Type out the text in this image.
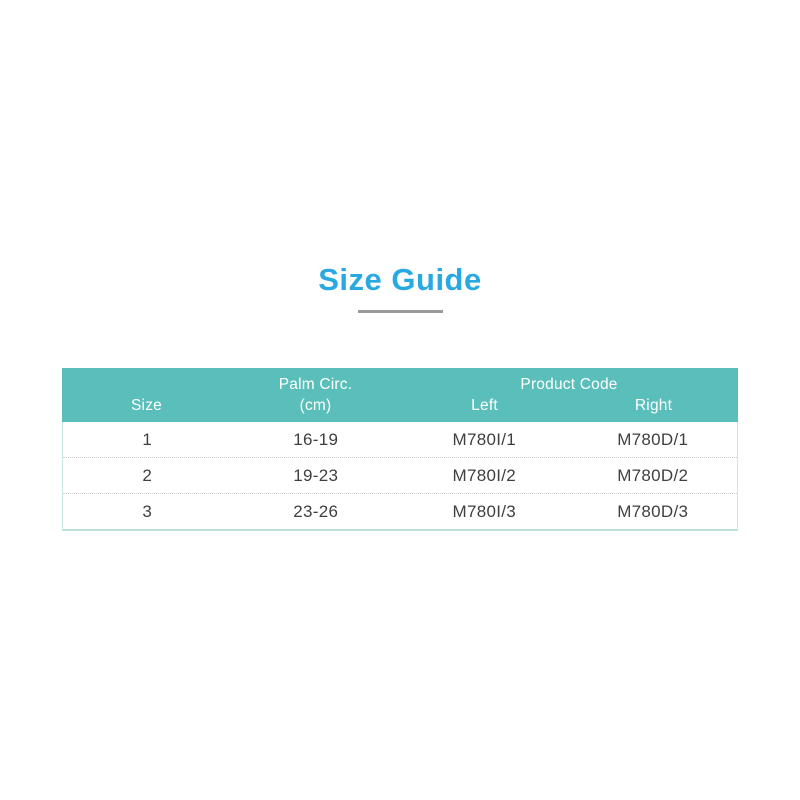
Size Guide
Palm Circ.	Product Code
Size	(cm)	Left	Right
1	16-19	M780I/1	M780D/1
2	19-23	M780I/2	M780D/2
3	23-26	M780I/3	M780D/3
